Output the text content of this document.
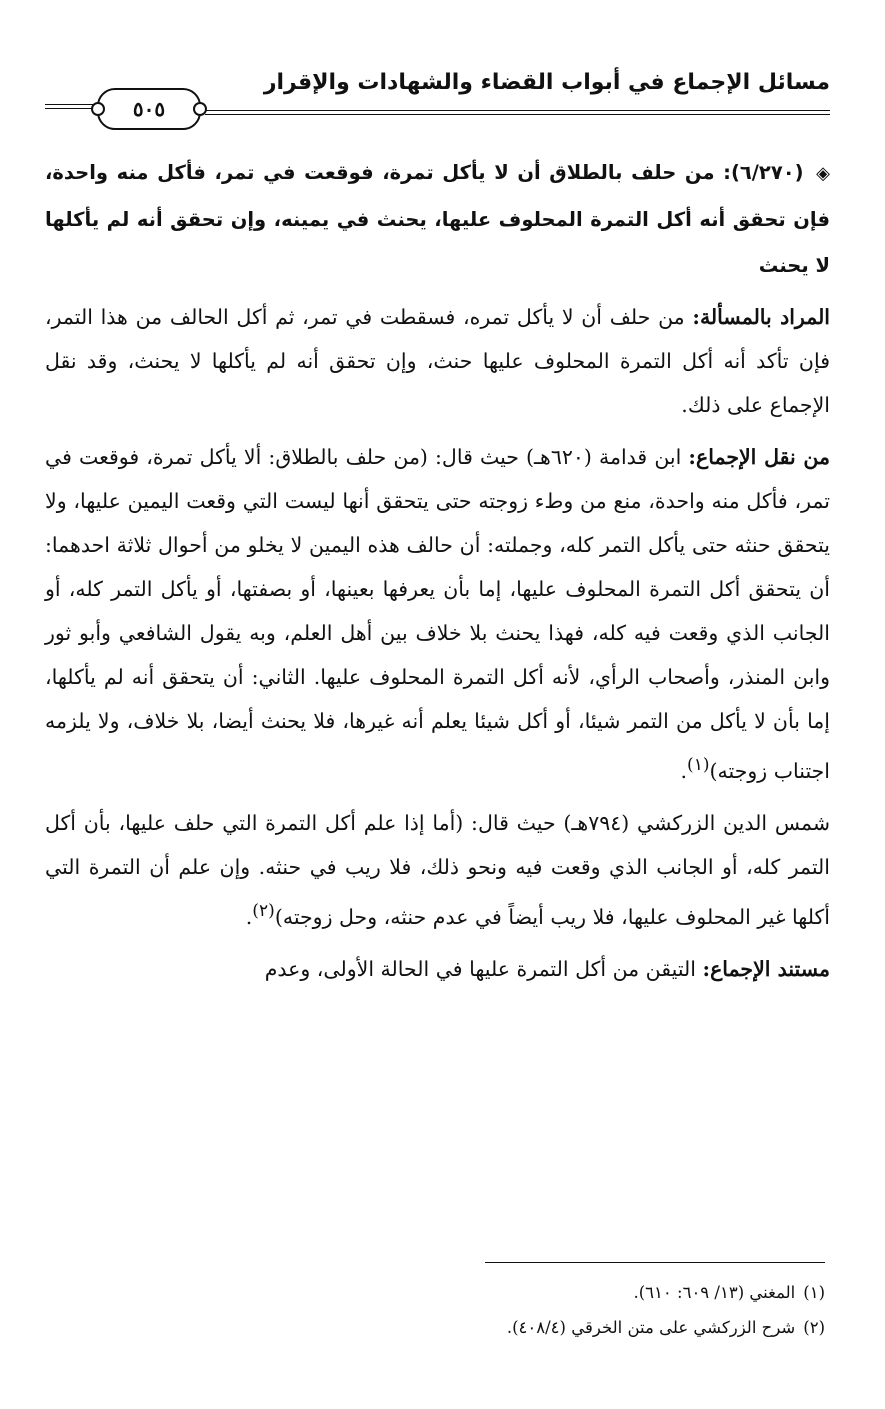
مسائل الإجماع في أبواب القضاء والشهادات والإقرار
٥٠٥
◈ (٦/٢٧٠): من حلف بالطلاق أن لا يأكل تمرة، فوقعت في تمر، فأكل منه واحدة، فإن تحقق أنه أكل التمرة المحلوف عليها، يحنث في يمينه، وإن تحقق أنه لم يأكلها لا يحنث

المراد بالمسألة: من حلف أن لا يأكل تمره، فسقطت في تمر، ثم أكل الحالف من هذا التمر، فإن تأكد أنه أكل التمرة المحلوف عليها حنث، وإن تحقق أنه لم يأكلها لا يحنث، وقد نقل الإجماع على ذلك.

من نقل الإجماع: ابن قدامة (٦٢٠هـ) حيث قال: (من حلف بالطلاق: ألا يأكل تمرة، فوقعت في تمر، فأكل منه واحدة، منع من وطء زوجته حتى يتحقق أنها ليست التي وقعت اليمين عليها، ولا يتحقق حنثه حتى يأكل التمر كله، وجملته: أن حالف هذه اليمين لا يخلو من أحوال ثلاثة احدهما: أن يتحقق أكل التمرة المحلوف عليها، إما بأن يعرفها بعينها، أو بصفتها، أو يأكل التمر كله، أو الجانب الذي وقعت فيه كله، فهذا يحنث بلا خلاف بين أهل العلم، وبه يقول الشافعي وأبو ثور وابن المنذر، وأصحاب الرأي، لأنه أكل التمرة المحلوف عليها. الثاني: أن يتحقق أنه لم يأكلها، إما بأن لا يأكل من التمر شيئا، أو أكل شيئا يعلم أنه غيرها، فلا يحنث أيضا، بلا خلاف، ولا يلزمه اجتناب زوجته)$^{(١)}$.

شمس الدين الزركشي (٧٩٤هـ) حيث قال: (أما إذا علم أكل التمرة التي حلف عليها، بأن أكل التمر كله، أو الجانب الذي وقعت فيه ونحو ذلك، فلا ريب في حنثه. وإن علم أن التمرة التي أكلها غير المحلوف عليها، فلا ريب أيضاً في عدم حنثه، وحل زوجته)$^{(٢)}$.

مستند الإجماع: التيقن من أكل التمرة عليها في الحالة الأولى، وعدم

(١)المغني (١٣/ ٦٠٩: ٦١٠).
(٢)شرح الزركشي على متن الخرقي (٤٠٨/٤).
